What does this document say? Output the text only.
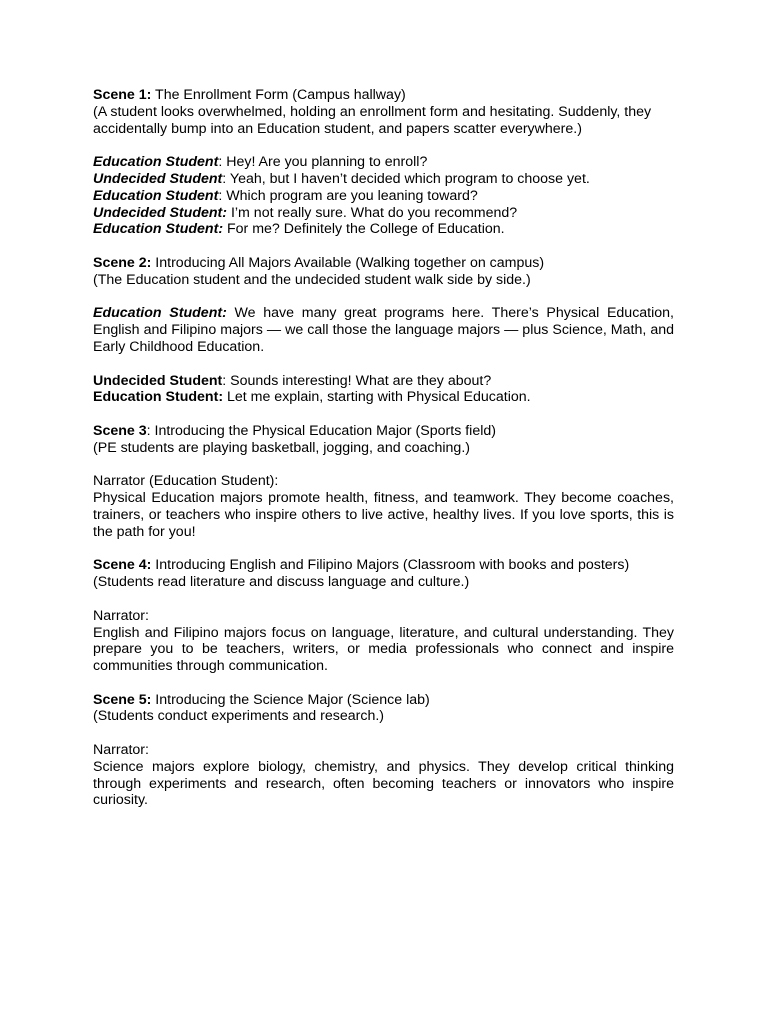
Scene 1: The Enrollment Form (Campus hallway)

(A student looks overwhelmed, holding an enrollment form and hesitating. Suddenly, they accidentally bump into an Education student, and papers scatter everywhere.)

Education Student: Hey! Are you planning to enroll?

Undecided Student: Yeah, but I haven’t decided which program to choose yet.

Education Student: Which program are you leaning toward?

Undecided Student: I’m not really sure. What do you recommend?

Education Student: For me? Definitely the College of Education.

Scene 2: Introducing All Majors Available (Walking together on campus)

(The Education student and the undecided student walk side by side.)

Education Student: We have many great programs here. There’s Physical Education, English and Filipino majors — we call those the language majors — plus Science, Math, and Early Childhood Education.

Undecided Student: Sounds interesting! What are they about?

Education Student: Let me explain, starting with Physical Education.

Scene 3: Introducing the Physical Education Major (Sports field)

(PE students are playing basketball, jogging, and coaching.)

Narrator (Education Student):

Physical Education majors promote health, fitness, and teamwork. They become coaches, trainers, or teachers who inspire others to live active, healthy lives. If you love sports, this is the path for you!

Scene 4: Introducing English and Filipino Majors (Classroom with books and posters)

(Students read literature and discuss language and culture.)

Narrator:

English and Filipino majors focus on language, literature, and cultural understanding. They prepare you to be teachers, writers, or media professionals who connect and inspire communities through communication.

Scene 5: Introducing the Science Major (Science lab)

(Students conduct experiments and research.)

Narrator:

Science majors explore biology, chemistry, and physics. They develop critical thinking through experiments and research, often becoming teachers or innovators who inspire curiosity.
